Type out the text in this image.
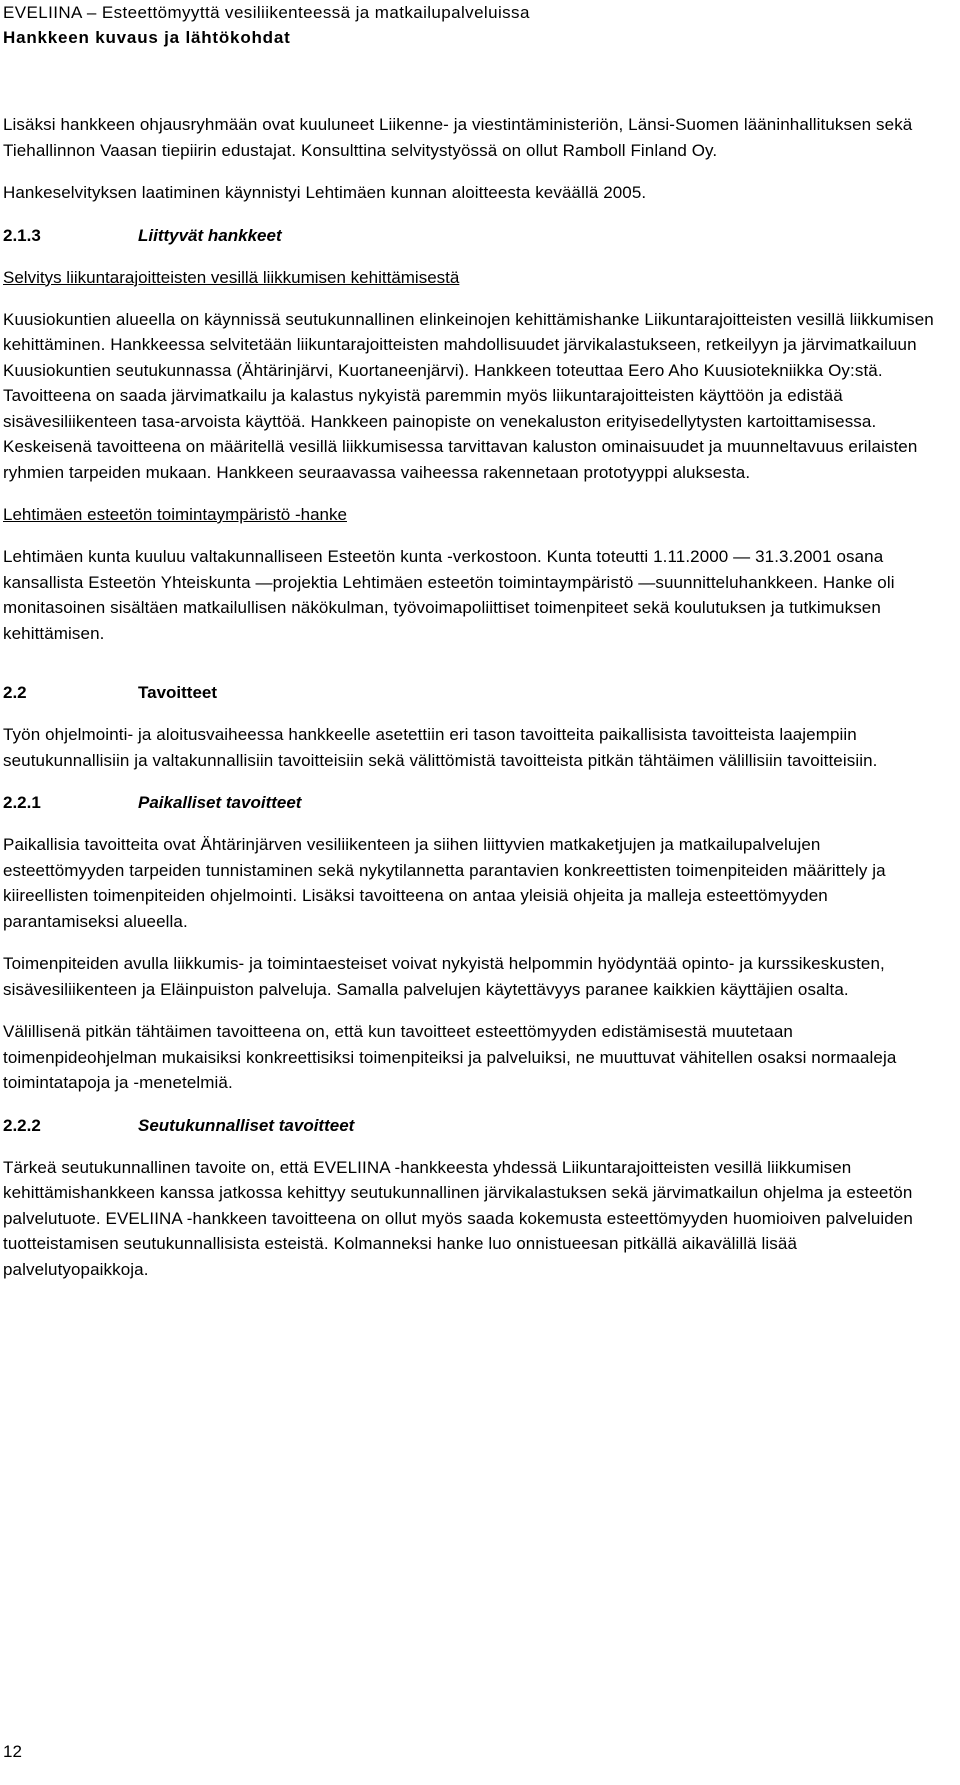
EVELIINA – Esteettömyyttä vesiliikenteessä ja matkailupalveluissa
Hankkeen kuvaus ja lähtökohdat

Lisäksi hankkeen ohjausryhmään ovat kuuluneet Liikenne- ja viestintäministeriön, Länsi-Suomen lääninhallituksen sekä Tiehallinnon Vaasan tiepiirin edustajat. Konsulttina selvitystyössä on ollut Ramboll Finland Oy.

Hankeselvityksen laatiminen käynnistyi Lehtimäen kunnan aloitteesta keväällä 2005.

2.1.3	Liittyvät hankkeet
Selvitys liikuntarajoitteisten vesillä liikkumisen kehittämisestä

Kuusiokuntien alueella on käynnissä seutukunnallinen elinkeinojen kehittämishanke Liikuntarajoitteisten vesillä liikkumisen kehittäminen. Hankkeessa selvitetään liikuntarajoitteisten mahdollisuudet järvikalastukseen, retkeilyyn ja järvimatkailuun Kuusiokuntien seutukunnassa (Ähtärinjärvi, Kuortaneenjärvi). Hankkeen toteuttaa Eero Aho Kuusiotekniikka Oy:stä. Tavoitteena on saada järvimatkailu ja kalastus nykyistä paremmin myös liikuntarajoitteisten käyttöön ja edistää sisävesiliikenteen tasa-arvoista käyttöä. Hankkeen painopiste on venekaluston erityisedellytysten kartoittamisessa. Keskeisenä tavoitteena on määritellä vesillä liikkumisessa tarvittavan kaluston ominaisuudet ja muunneltavuus erilaisten ryhmien tarpeiden mukaan. Hankkeen seuraavassa vaiheessa rakennetaan prototyyppi aluksesta.

Lehtimäen esteetön toimintaympäristö -hanke

Lehtimäen kunta kuuluu valtakunnalliseen Esteetön kunta -verkostoon. Kunta toteutti 1.11.2000 — 31.3.2001 osana kansallista Esteetön Yhteiskunta —projektia Lehtimäen esteetön toimintaympäristö —suunnitteluhankkeen. Hanke oli monitasoinen sisältäen matkailullisen näkökulman, työvoimapoliittiset toimenpiteet sekä koulutuksen ja tutkimuksen kehittämisen.

2.2	Tavoitteet

Työn ohjelmointi- ja aloitusvaiheessa hankkeelle asetettiin eri tason tavoitteita paikallisista tavoitteista laajempiin seutukunnallisiin ja valtakunnallisiin tavoitteisiin sekä välittömistä tavoitteista pitkän tähtäimen välillisiin tavoitteisiin.

2.2.1	Paikalliset tavoitteet

Paikallisia tavoitteita ovat Ähtärinjärven vesiliikenteen ja siihen liittyvien matkaketjujen ja matkailupalvelujen esteettömyyden tarpeiden tunnistaminen sekä nykytilannetta parantavien konkreettisten toimenpiteiden määrittely ja kiireellisten toimenpiteiden ohjelmointi. Lisäksi tavoitteena on antaa yleisiä ohjeita ja malleja esteettömyyden parantamiseksi alueella.

Toimenpiteiden avulla liikkumis- ja toimintaesteiset voivat nykyistä helpommin hyödyntää opinto- ja kurssikeskusten, sisävesiliikenteen ja Eläinpuiston palveluja. Samalla palvelujen käytettävyys paranee kaikkien käyttäjien osalta.

Välillisenä pitkän tähtäimen tavoitteena on, että kun tavoitteet esteettömyyden edistämisestä muutetaan toimenpideohjelman mukaisiksi konkreettisiksi toimenpiteiksi ja palveluiksi, ne muuttuvat vähitellen osaksi normaaleja toimintatapoja ja -menetelmiä.

2.2.2	Seutukunnalliset tavoitteet

Tärkeä seutukunnallinen tavoite on, että EVELIINA -hankkeesta yhdessä Liikuntarajoitteisten vesillä liikkumisen kehittämishankkeen kanssa jatkossa kehittyy seutukunnallinen järvikalastuksen sekä järvimatkailun ohjelma ja esteetön palvelutuote. EVELIINA -hankkeen tavoitteena on ollut myös saada kokemusta esteettömyyden huomioiven palveluiden tuotteistamisen seutukunnallisista esteistä. Kolmanneksi hanke luo onnistueesan pitkällä aikavälillä lisää palvelutyopaikkoja.

12
